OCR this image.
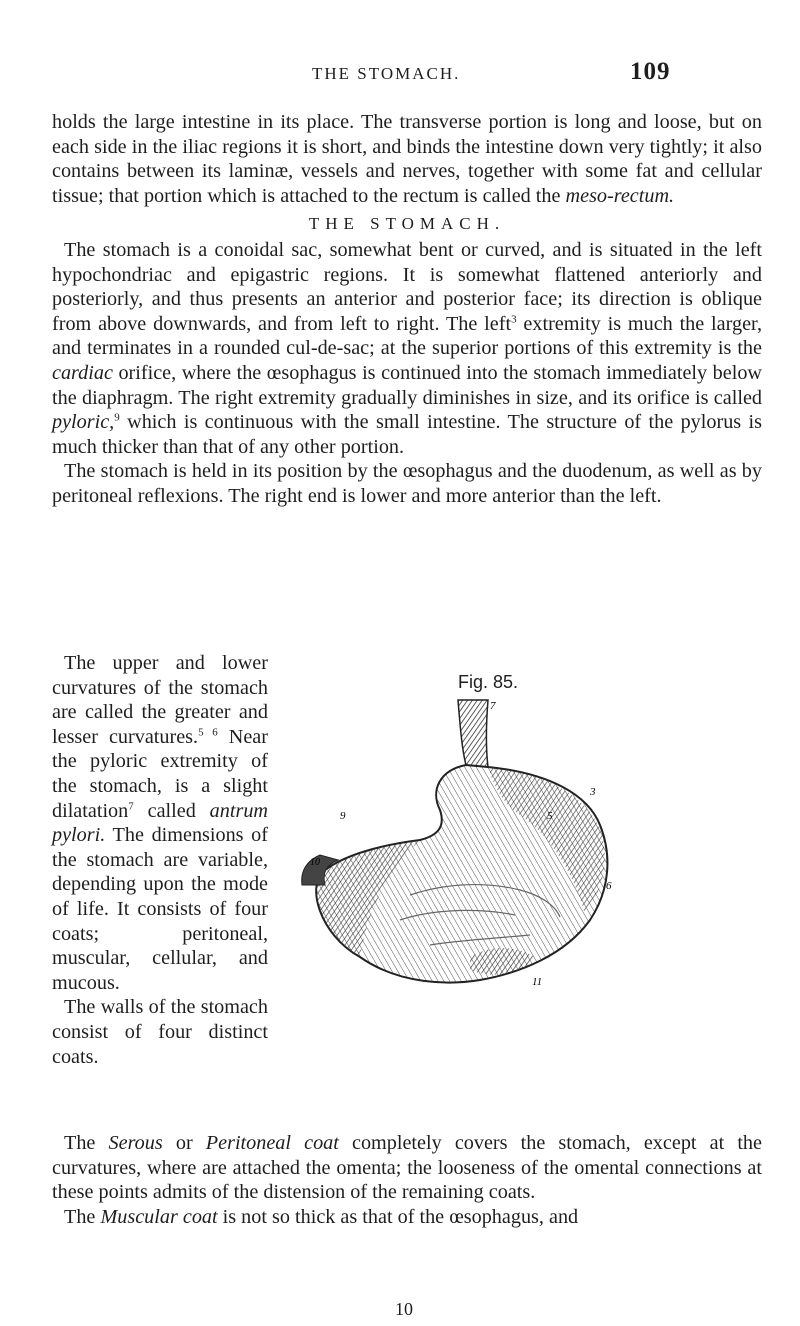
THE STOMACH.	109

holds the large intestine in its place. The transverse portion is long and loose, but on each side in the iliac regions it is short, and binds the intestine down very tightly; it also contains between its laminæ, vessels and nerves, together with some fat and cellular tissue; that portion which is attached to the rectum is called the meso-rectum.

THE STOMACH.

The stomach is a conoidal sac, somewhat bent or curved, and is situated in the left hypochondriac and epigastric regions. It is somewhat flattened anteriorly and posteriorly, and thus presents an anterior and posterior face; its direction is oblique from above downwards, and from left to right. The left$^3$ extremity is much the larger, and terminates in a rounded cul-de-sac; at the superior portions of this extremity is the cardiac orifice, where the œsophagus is continued into the stomach immediately below the diaphragm. The right extremity gradually diminishes in size, and its orifice is called pyloric,$^9$ which is continuous with the small intestine. The structure of the pylorus is much thicker than that of any other portion.

The stomach is held in its position by the œsophagus and the duodenum, as well as by peritoneal reflexions. The right end is lower and more anterior than the left.

The upper and lower curvatures of the stomach are called the greater and lesser curvatures.$^{5 6}$ Near the pyloric extremity of the stomach, is a slight dilatation$^7$ called antrum pylori. The dimensions of the stomach are variable, depending upon the mode of life. It consists of four coats; peritoneal, muscular, cellular, and mucous.

The walls of the stomach consist of four distinct coats.

Fig. 85.
7
3
9	5
6
10
11

The Serous or Peritoneal coat completely covers the stomach, except at the curvatures, where are attached the omenta; the looseness of the omental connections at these points admits of the distension of the remaining coats.

The Muscular coat is not so thick as that of the œsophagus, and

10
